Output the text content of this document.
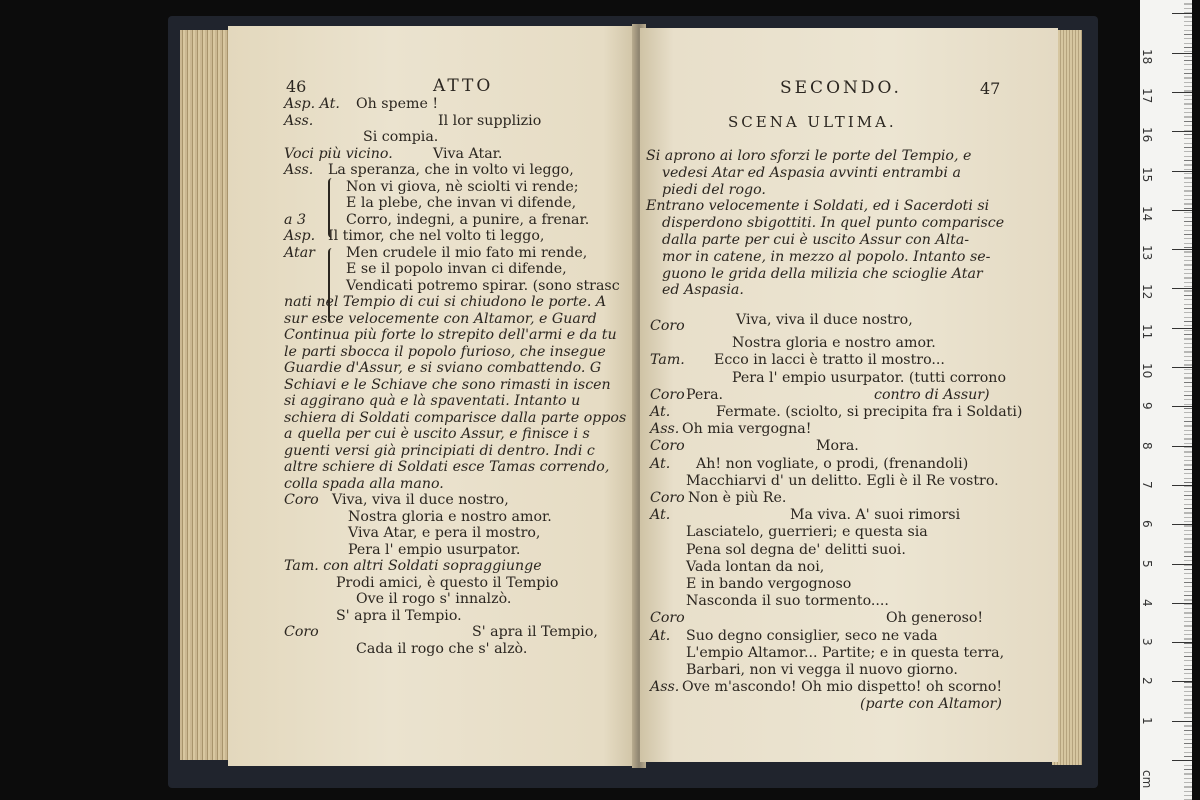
46	ATTO
Asp. At. Oh speme !
Ass.	Il lor supplizio
Si compia.
Voci più vicino.	Viva Atar.
Ass. La speranza, che in volto vi leggo,
Non vi giova, nè sciolti vi rende;
E la plebe, che invan vi difende,
a 3	Corro, indegni, a punire, a frenar.
Asp. Il timor, che nel volto ti leggo,
Atar Men crudele il mio fato mi rende,
E se il popolo invan ci difende,
Vendicati potremo spirar. (sono strasc
nati nel Tempio di cui si chiudono le porte. A
sur esce velocemente con Altamor, e Guard
Continua più forte lo strepito dell'armi e da tu
le parti sbocca il popolo furioso, che insegue
Guardie d'Assur, e si sviano combattendo. G
Schiavi e le Schiave che sono rimasti in iscen
si aggirano quà e là spaventati. Intanto u
schiera di Soldati comparisce dalla parte oppos
a quella per cui è uscito Assur, e finisce i s
guenti versi già principiati di dentro. Indi c
altre schiere di Soldati esce Tamas correndo,
colla spada alla mano.
Coro Viva, viva il duce nostro,
Nostra gloria e nostro amor.
Viva Atar, e pera il mostro,
Pera l' empio usurpator.
Tam. con altri Soldati sopraggiunge
Prodi amici, è questo il Tempio
Ove il rogo s' innalzò.
S' apra il Tempio.
Coro	S' apra il Tempio,
Cada il rogo che s' alzò.
SECONDO.	47
SCENA ULTIMA.
Si aprono ai loro sforzi le porte del Tempio, e
vedesi Atar ed Aspasia avvinti entrambi a
piedi del rogo.
Entrano velocemente i Soldati, ed i Sacerdoti si
disperdono sbigottiti. In quel punto comparisce
dalla parte per cui è uscito Assur con Alta-
mor in catene, in mezzo al popolo. Intanto se-
guono le grida della milizia che scioglie Atar
ed Aspasia.
Coro	Viva, viva il duce nostro,
Nostra gloria e nostro amor.
Tam. Ecco in lacci è tratto il mostro...
Pera l' empio usurpator. (tutti corrono
Coro Pera.	contro di Assur)
At.	Fermate. (sciolto, si precipita fra i Soldati)
Ass. Oh mia vergogna!
Coro	Mora.
At. Ah! non vogliate, o prodi, (frenandoli)
Macchiarvi d' un delitto. Egli è il Re vostro.
Coro Non è più Re.
At.	Ma viva. A' suoi rimorsi
Lasciatelo, guerrieri; e questa sia
Pena sol degna de' delitti suoi.
Vada lontan da noi,
E in bando vergognoso
Nasconda il suo tormento....
Coro	Oh generoso!
At. Suo degno consiglier, seco ne vada
L'empio Altamor... Partite; e in questa terra,
Barbari, non vi vegga il nuovo giorno.
Ass. Ove m'ascondo! Oh mio dispetto! oh scorno!
(parte con Altamor)
1
2
3
4
5
6
7
8
9
10
11
12
13
14
15
16
17
18
cm
